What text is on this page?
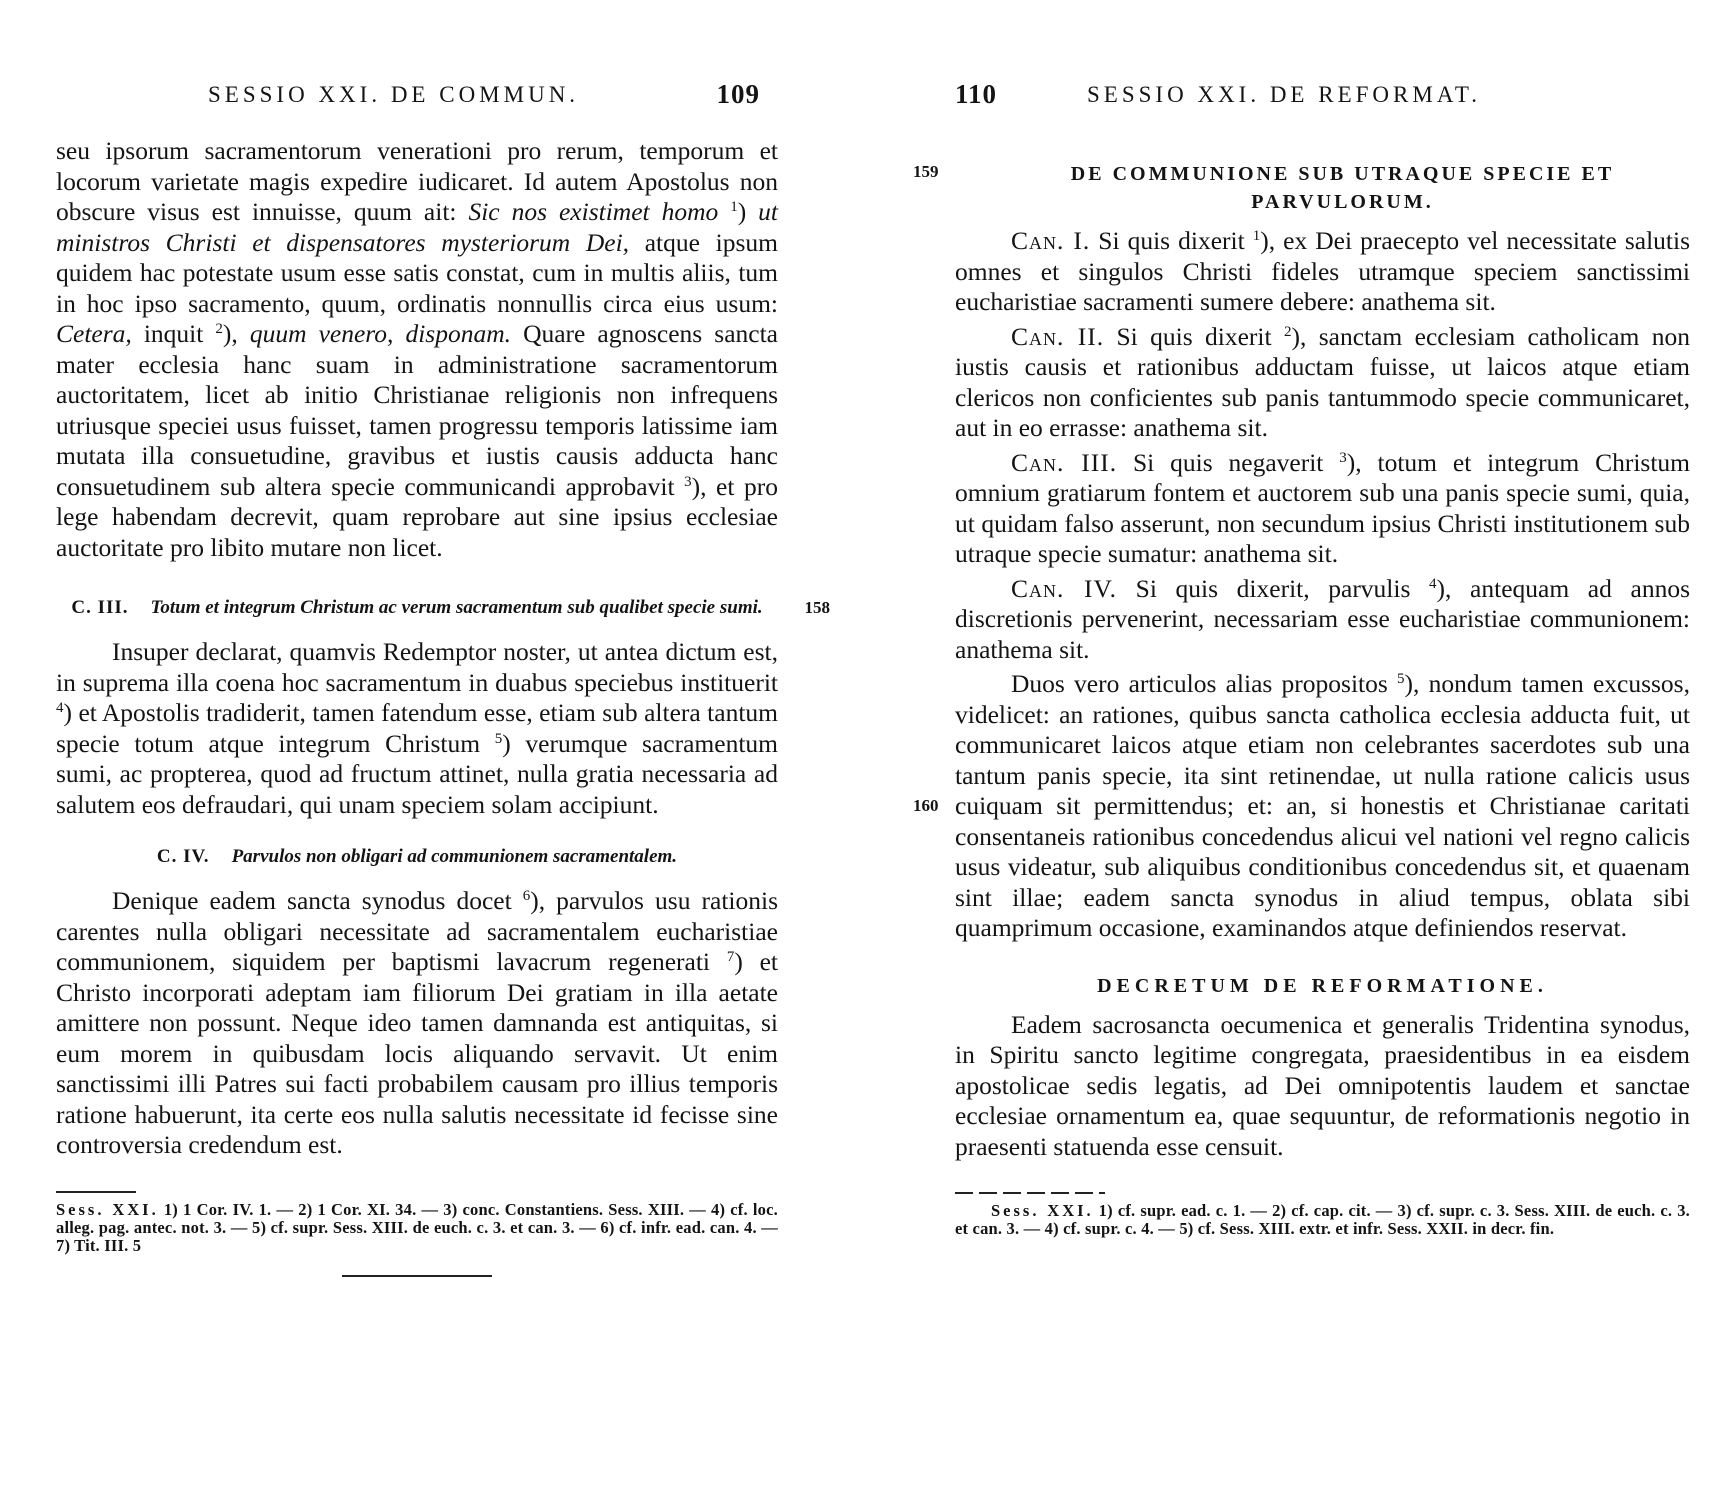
SESSIO XXI. DE COMMUN.	109

seu ipsorum sacramentorum venerationi pro rerum, temporum et locorum varietate magis expedire iudicaret. Id autem Apostolus non obscure visus est innuisse, quum ait: Sic nos existimet homo $^1$) ut ministros Christi et dispensatores mysteriorum Dei, atque ipsum quidem hac potestate usum esse satis constat, cum in multis aliis, tum in hoc ipso sacramento, quum, ordinatis nonnullis circa eius usum: Cetera, inquit $^2$), quum venero, disponam. Quare agnoscens sancta mater ecclesia hanc suam in administratione sacramentorum auctoritatem, licet ab initio Christianae religionis non infrequens utriusque speciei usus fuisset, tamen progressu temporis latissime iam mutata illa consuetudine, gravibus et iustis causis adducta hanc consuetudinem sub altera specie communicandi approbavit $^3$), et pro lege habendam decrevit, quam reprobare aut sine ipsius ecclesiae auctoritate pro libito mutare non licet.

C. III. Totum et integrum Christum ac verum sacramentum sub qualibet specie sumi. 158

Insuper declarat, quamvis Redemptor noster, ut antea dictum est, in suprema illa coena hoc sacramentum in duabus speciebus instituerit $^4$) et Apostolis tradiderit, tamen fatendum esse, etiam sub altera tantum specie totum atque integrum Christum $^5$) verumque sacramentum sumi, ac propterea, quod ad fructum attinet, nulla gratia necessaria ad salutem eos defraudari, qui unam speciem solam accipiunt.

C. IV. Parvulos non obligari ad communionem sacramentalem.

Denique eadem sancta synodus docet $^6$), parvulos usu rationis carentes nulla obligari necessitate ad sacramentalem eucharistiae communionem, siquidem per baptismi lavacrum regenerati $^7$) et Christo incorporati adeptam iam filiorum Dei gratiam in illa aetate amittere non possunt. Neque ideo tamen damnanda est antiquitas, si eum morem in quibusdam locis aliquando servavit. Ut enim sanctissimi illi Patres sui facti probabilem causam pro illius temporis ratione habuerunt, ita certe eos nulla salutis necessitate id fecisse sine controversia credendum est.

Sess. XXI. 1) 1 Cor. IV. 1. — 2) 1 Cor. XI. 34. — 3) conc. Constantiens. Sess. XIII. — 4) cf. loc. alleg. pag. antec. not. 3. — 5) cf. supr. Sess. XIII. de euch. c. 3. et can. 3. — 6) cf. infr. ead. can. 4. — 7) Tit. III. 5

110	SESSIO XXI. DE REFORMAT.
159	DE COMMUNIONE SUB UTRAQUE SPECIE ET PARVULORUM.

Can. I. Si quis dixerit $^1$), ex Dei praecepto vel necessitate salutis omnes et singulos Christi fideles utramque speciem sanctissimi eucharistiae sacramenti sumere debere: anathema sit.

Can. II. Si quis dixerit $^2$), sanctam ecclesiam catholicam non iustis causis et rationibus adductam fuisse, ut laicos atque etiam clericos non conficientes sub panis tantummodo specie communicaret, aut in eo errasse: anathema sit.

Can. III. Si quis negaverit $^3$), totum et integrum Christum omnium gratiarum fontem et auctorem sub una panis specie sumi, quia, ut quidam falso asserunt, non secundum ipsius Christi institutionem sub utraque specie sumatur: anathema sit.

Can. IV. Si quis dixerit, parvulis $^4$), antequam ad annos discretionis pervenerint, necessariam esse eucharistiae communionem: anathema sit.

160
Duos vero articulos alias propositos $^5$), nondum tamen excussos, videlicet: an rationes, quibus sancta catholica ecclesia adducta fuit, ut communicaret laicos atque etiam non celebrantes sacerdotes sub una tantum panis specie, ita sint retinendae, ut nulla ratione calicis usus cuiquam sit permittendus; et: an, si honestis et Christianae caritati consentaneis rationibus concedendus alicui vel nationi vel regno calicis usus videatur, sub aliquibus conditionibus concedendus sit, et quaenam sint illae; eadem sancta synodus in aliud tempus, oblata sibi quamprimum occasione, examinandos atque definiendos reservat.

DECRETUM DE REFORMATIONE.

Eadem sacrosancta oecumenica et generalis Tridentina synodus, in Spiritu sancto legitime congregata, praesidentibus in ea eisdem apostolicae sedis legatis, ad Dei omnipotentis laudem et sanctae ecclesiae ornamentum ea, quae sequuntur, de reformationis negotio in praesenti statuenda esse censuit.

Sess. XXI. 1) cf. supr. ead. c. 1. — 2) cf. cap. cit. — 3) cf. supr. c. 3. Sess. XIII. de euch. c. 3. et can. 3. — 4) cf. supr. c. 4. — 5) cf. Sess. XIII. extr. et infr. Sess. XXII. in decr. fin.
